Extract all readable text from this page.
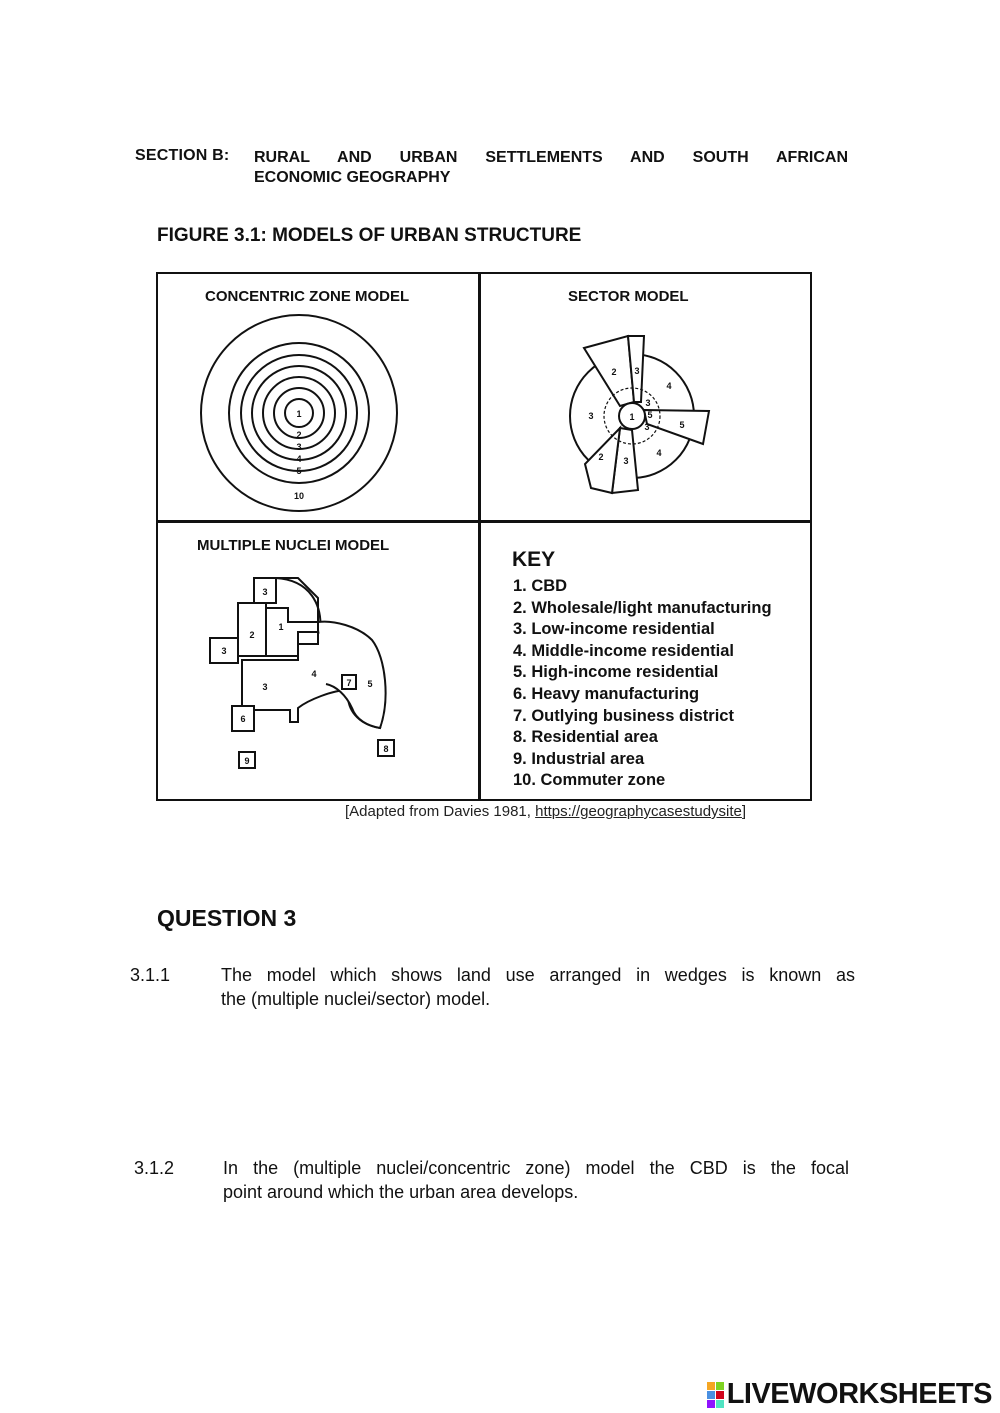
SECTION B: RURAL AND URBAN SETTLEMENTS AND SOUTH AFRICAN
ECONOMIC GEOGRAPHY
FIGURE 3.1: MODELS OF URBAN STRUCTURE
CONCENTRIC ZONE MODEL
1
2
3
4
5
10
SECTOR MODEL
1
2 3
4
3
5
3	5
3
2 3
4
MULTIPLE NUCLEI MODEL
3
2
1
3
3
4
7 5
6
9
8
KEY
1. CBD
2. Wholesale/light manufacturing
3. Low-income residential
4. Middle-income residential
5. High-income residential
6. Heavy manufacturing
7. Outlying business district
8. Residential area
9. Industrial area
10. Commuter zone
[Adapted from Davies 1981, https://geographycasestudysite]
QUESTION 3
3.1.1	The model which shows land use arranged in wedges is known as
the (multiple nuclei/sector) model.
3.1.2	In the (multiple nuclei/concentric zone) model the CBD is the focal
point around which the urban area develops.
LIVEWORKSHEETS
